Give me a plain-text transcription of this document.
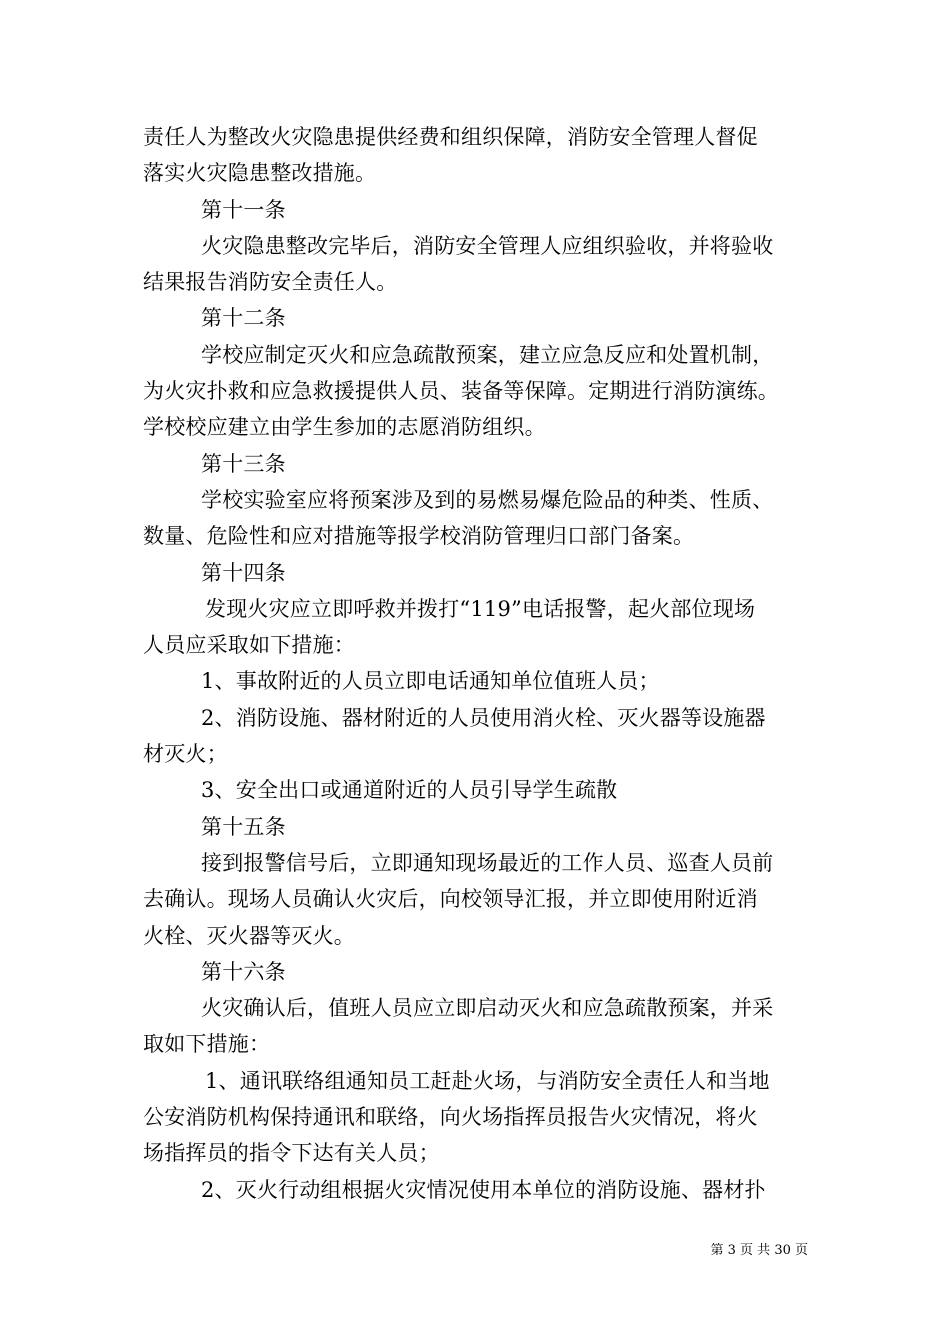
责任人为整改火灾隐患提供经费和组织保障，消防安全管理人督促
落实火灾隐患整改措施。
第十一条
火灾隐患整改完毕后，消防安全管理人应组织验收，并将验收
结果报告消防安全责任人。
第十二条
学校应制定灭火和应急疏散预案，建立应急反应和处置机制，
为火灾扑救和应急救援提供人员、装备等保障。定期进行消防演练。
学校校应建立由学生参加的志愿消防组织。
第十三条
学校实验室应将预案涉及到的易燃易爆危险品的种类、性质、
数量、危险性和应对措施等报学校消防管理归口部门备案。
第十四条
发现火灾应立即呼救并拨打“119”电话报警，起火部位现场
人员应采取如下措施：
1、事故附近的人员立即电话通知单位值班人员；
2、消防设施、器材附近的人员使用消火栓、灭火器等设施器
材灭火；
3、安全出口或通道附近的人员引导学生疏散
第十五条
接到报警信号后，立即通知现场最近的工作人员、巡查人员前
去确认。现场人员确认火灾后，向校领导汇报，并立即使用附近消
火栓、灭火器等灭火。
第十六条
火灾确认后，值班人员应立即启动灭火和应急疏散预案，并采
取如下措施：
1、通讯联络组通知员工赶赴火场，与消防安全责任人和当地
公安消防机构保持通讯和联络，向火场指挥员报告火灾情况，将火
场指挥员的指令下达有关人员；
2、灭火行动组根据火灾情况使用本单位的消防设施、器材扑
第 3 页 共 30 页
